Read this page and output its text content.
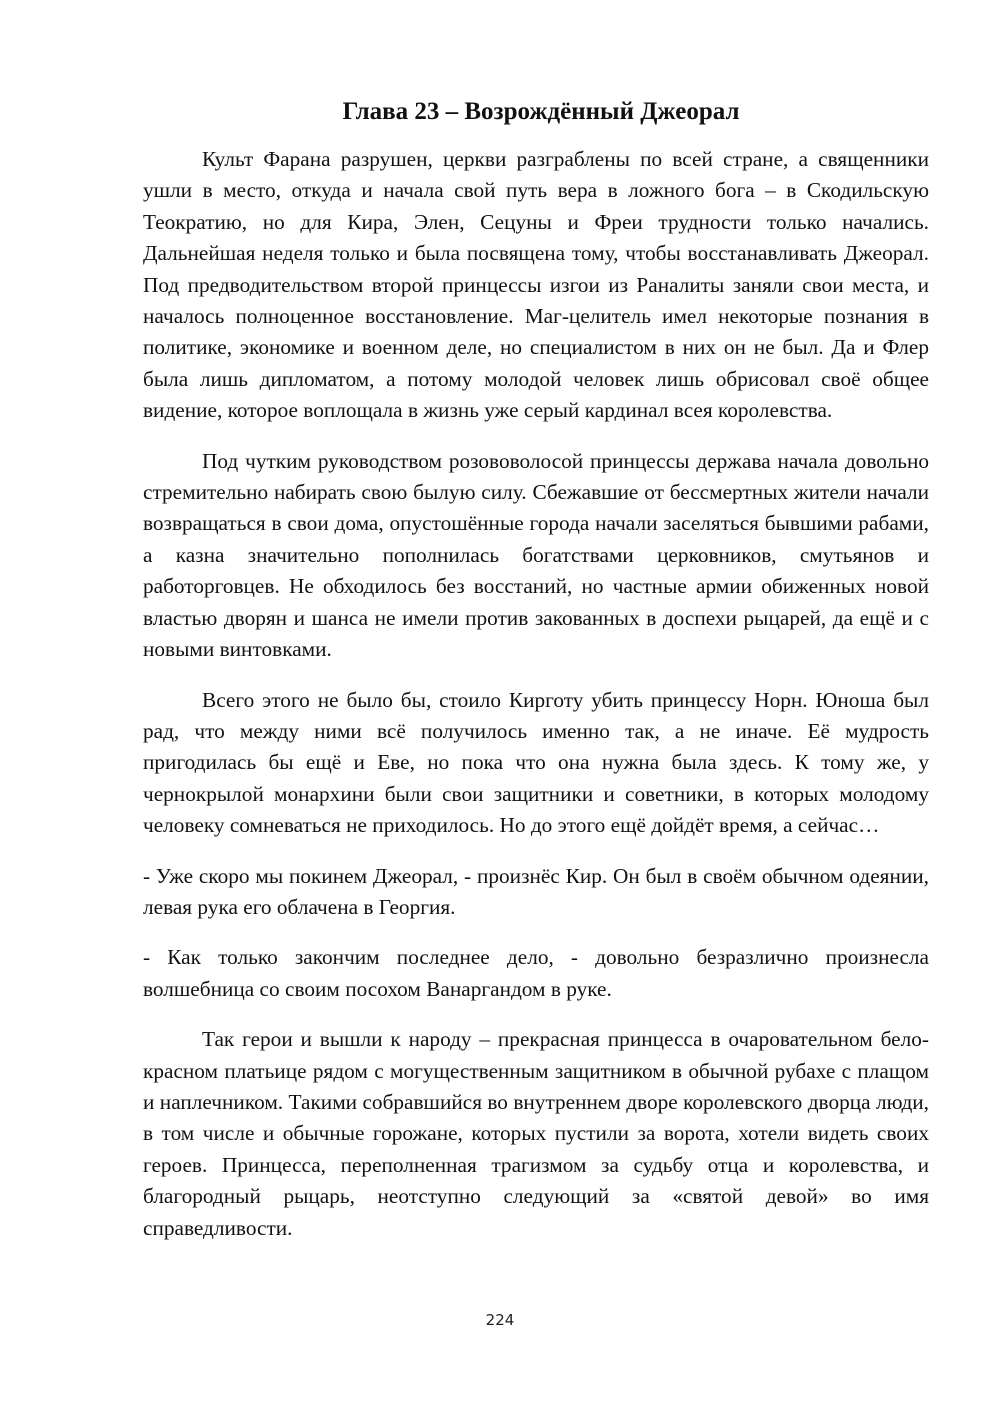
Глава 23 – Возрождённый Джеорал

Культ Фарана разрушен, церкви разграблены по всей стране, а священники ушли в место, откуда и начала свой путь вера в ложного бога – в Скодильскую Теократию, но для Кира, Элен, Сецуны и Фреи трудности только начались. Дальнейшая неделя только и была посвящена тому, чтобы восстанавливать Джеорал. Под предводительством второй принцессы изгои из Раналиты заняли свои места, и началось полноценное восстановление. Маг-целитель имел некоторые познания в политике, экономике и военном деле, но специалистом в них он не был. Да и Флер была лишь дипломатом, а потому молодой человек лишь обрисовал своё общее видение, которое воплощала в жизнь уже серый кардинал всея королевства.

Под чутким руководством розововолосой принцессы держава начала довольно стремительно набирать свою былую силу. Сбежавшие от бессмертных жители начали возвращаться в свои дома, опустошённые города начали заселяться бывшими рабами, а казна значительно пополнилась богатствами церковников, смутьянов и работорговцев. Не обходилось без восстаний, но частные армии обиженных новой властью дворян и шанса не имели против закованных в доспехи рыцарей, да ещё и с новыми винтовками.

Всего этого не было бы, стоило Кирготу убить принцессу Норн. Юноша был рад, что между ними всё получилось именно так, а не иначе. Её мудрость пригодилась бы ещё и Еве, но пока что она нужна была здесь. К тому же, у чернокрылой монархини были свои защитники и советники, в которых молодому человеку сомневаться не приходилось. Но до этого ещё дойдёт время, а сейчас…

- Уже скоро мы покинем Джеорал, - произнёс Кир. Он был в своём обычном одеянии, левая рука его облачена в Георгия.

- Как только закончим последнее дело, - довольно безразлично произнесла волшебница со своим посохом Ванаргандом в руке.

Так герои и вышли к народу – прекрасная принцесса в очаровательном бело-красном платьице рядом с могущественным защитником в обычной рубахе с плащом и наплечником. Такими собравшийся во внутреннем дворе королевского дворца люди, в том числе и обычные горожане, которых пустили за ворота, хотели видеть своих героев. Принцесса, переполненная трагизмом за судьбу отца и королевства, и благородный рыцарь, неотступно следующий за «святой девой» во имя справедливости.

224
